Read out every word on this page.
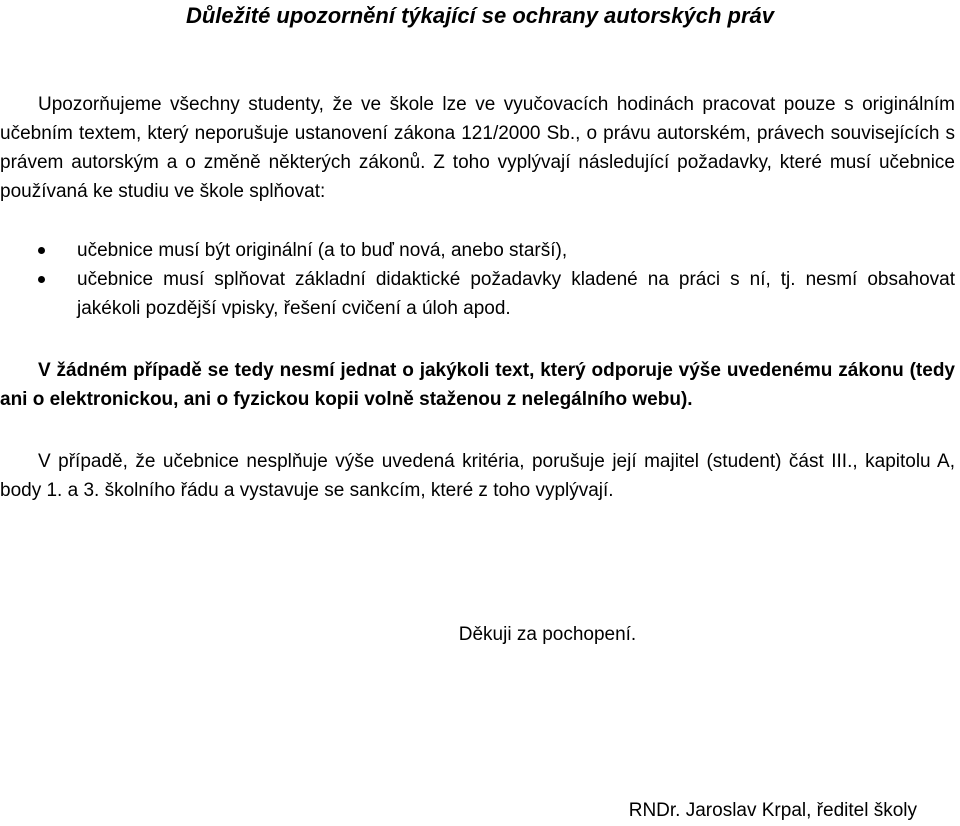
Důležité upozornění týkající se ochrany autorských práv

Upozorňujeme všechny studenty, že ve škole lze ve vyučovacích hodinách pracovat pouze s originálním učebním textem, který neporušuje ustanovení zákona 121/2000 Sb., o právu autorském, právech souvisejících s právem autorským a o změně některých zákonů. Z toho vyplývají následující požadavky, které musí učebnice používaná ke studiu ve škole splňovat:

učebnice musí být originální (a to buď nová, anebo starší),
učebnice musí splňovat základní didaktické požadavky kladené na práci s ní, tj. nesmí obsahovat jakékoli pozdější vpisky, řešení cvičení a úloh apod.

V žádném případě se tedy nesmí jednat o jakýkoli text, který odporuje výše uvedenému zákonu (tedy ani o elektronickou, ani o fyzickou kopii volně staženou z nelegálního webu).

V případě, že učebnice nesplňuje výše uvedená kritéria, porušuje její majitel (student) část III., kapitolu A, body 1. a 3. školního řádu a vystavuje se sankcím, které z toho vyplývají.

Děkuji za pochopení.
RNDr. Jaroslav Krpal, ředitel školy
